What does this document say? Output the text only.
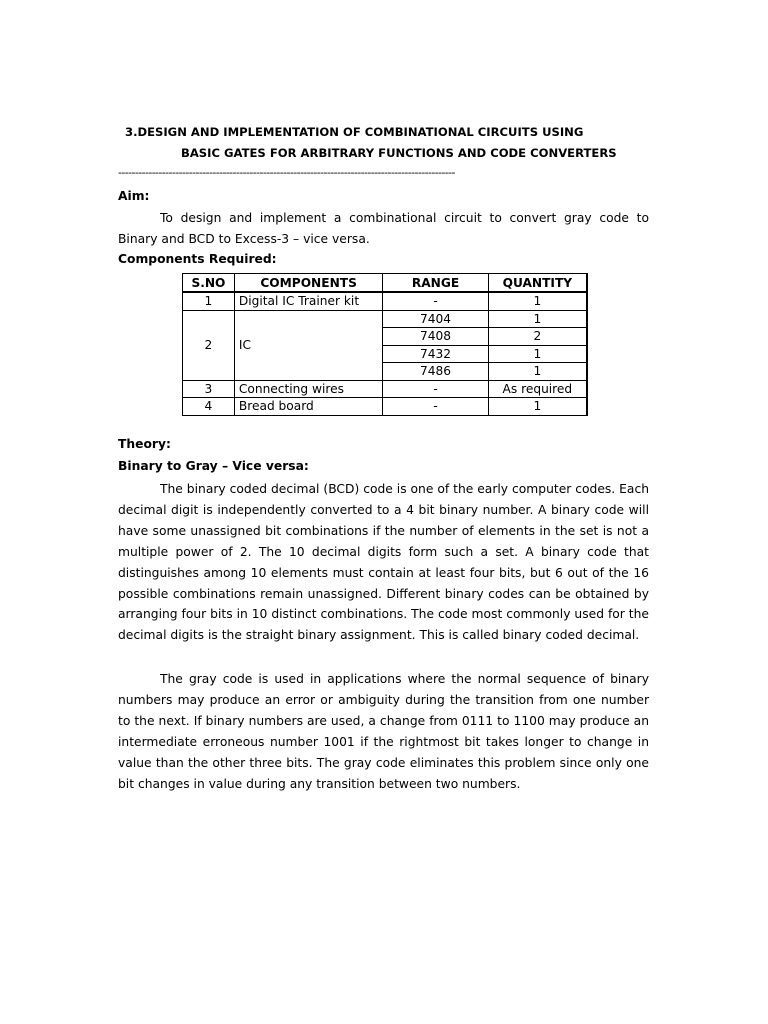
3.DESIGN AND IMPLEMENTATION OF COMBINATIONAL CIRCUITS USING
BASIC GATES FOR ARBITRARY FUNCTIONS AND CODE CONVERTERS
----------------------------------------------------------------------------------------------------
Aim:

To design and implement a combinational circuit to convert gray code to Binary and BCD to Excess-3 – vice versa.

Components Required:
S.NO	COMPONENTS	RANGE	QUANTITY
1	Digital IC Trainer kit	-	1
2	IC	7404	1
		7408	2
		7432	1
		7486	1
3	Connecting wires	-	As required
4	Bread board	-	1
Theory:
Binary to Gray – Vice versa:

The binary coded decimal (BCD) code is one of the early computer codes. Each decimal digit is independently converted to a 4 bit binary number. A binary code will have some unassigned bit combinations if the number of elements in the set is not a multiple power of 2. The 10 decimal digits form such a set. A binary code that distinguishes among 10 elements must contain at least four bits, but 6 out of the 16 possible combinations remain unassigned. Different binary codes can be obtained by arranging four bits in 10 distinct combinations. The code most commonly used for the decimal digits is the straight binary assignment. This is called binary coded decimal.

The gray code is used in applications where the normal sequence of binary numbers may produce an error or ambiguity during the transition from one number to the next. If binary numbers are used, a change from 0111 to 1100 may produce an intermediate erroneous number 1001 if the rightmost bit takes longer to change in value than the other three bits. The gray code eliminates this problem since only one bit changes in value during any transition between two numbers.
